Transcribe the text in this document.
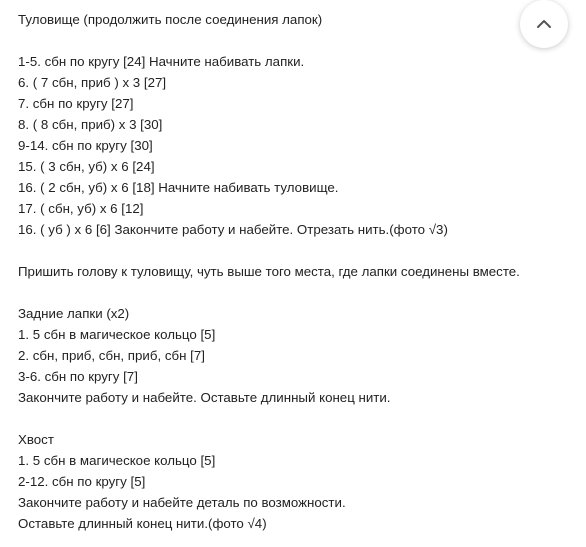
Туловище (продолжить после соединения лапок)
1-5. сбн по кругу [24] Начните набивать лапки.
6. ( 7 сбн, приб ) х 3 [27]
7. сбн по кругу [27]
8. ( 8 сбн, приб) х 3 [30]
9-14. сбн по кругу [30]
15. ( 3 сбн, уб) х 6 [24]
16. ( 2 сбн, уб) х 6 [18] Начните набивать туловище.
17. ( сбн, уб) х 6 [12]
16. ( уб ) х 6 [6] Закончите работу и набейте. Отрезать нить.(фото √3)
Пришить голову к туловищу, чуть выше того места, где лапки соединены вместе.
Задние лапки (х2)
1. 5 сбн в магическое кольцо [5]
2. сбн, приб, сбн, приб, сбн [7]
3-6. сбн по кругу [7]
Закончите работу и набейте. Оставьте длинный конец нити.
Хвост
1. 5 сбн в магическое кольцо [5]
2-12. сбн по кругу [5]
Закончите работу и набейте деталь по возможности.
Оставьте длинный конец нити.(фото √4)
